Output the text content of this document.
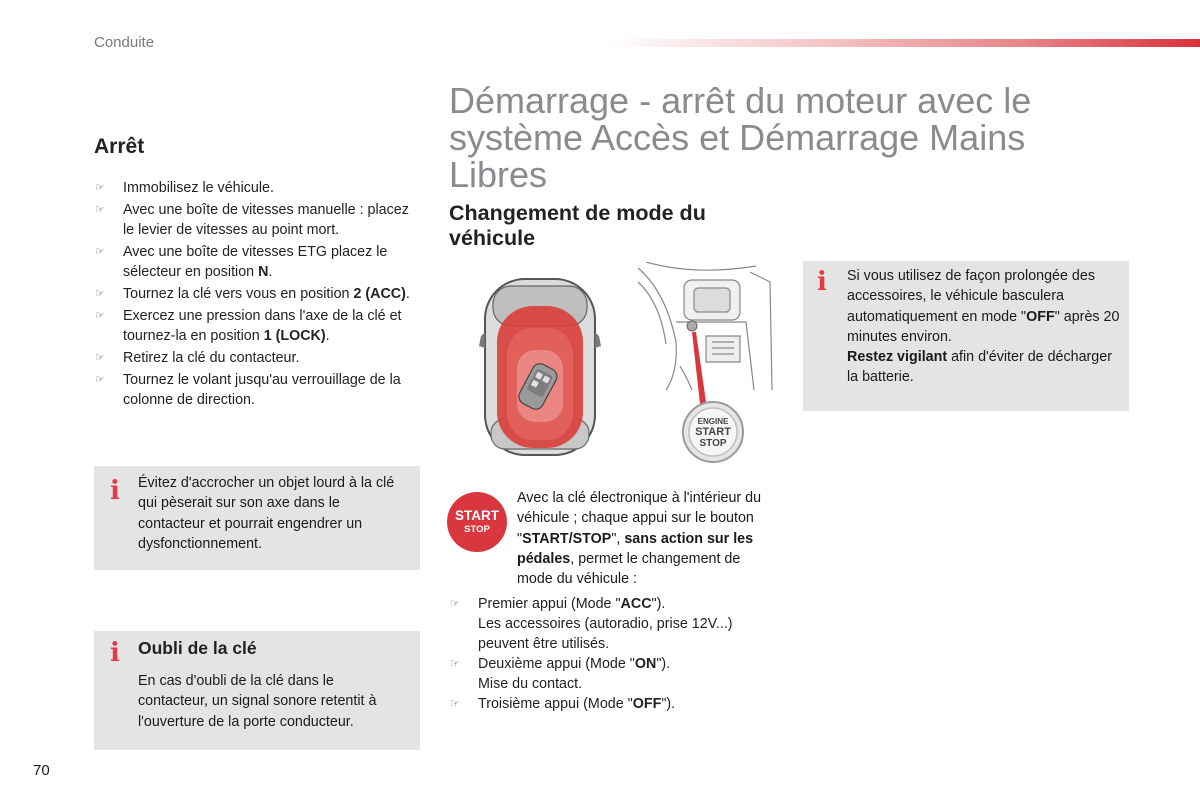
Conduite
Arrêt
☞ Immobilisez le véhicule.
☞ Avec une boîte de vitesses manuelle : placez le levier de vitesses au point mort.
☞ Avec une boîte de vitesses ETG placez le sélecteur en position N.
☞ Tournez la clé vers vous en position 2 (ACC).
☞ Exercez une pression dans l'axe de la clé et tournez-la en position 1 (LOCK).
☞ Retirez la clé du contacteur.
☞ Tournez le volant jusqu'au verrouillage de la colonne de direction.
i Évitez d'accrocher un objet lourd à la clé qui pèserait sur son axe dans le contacteur et pourrait engendrer un dysfonctionnement.
i Oubli de la clé
En cas d'oubli de la clé dans le contacteur, un signal sonore retentit à l'ouverture de la porte conducteur.
70
Démarrage - arrêt du moteur avec le système Accès et Démarrage Mains Libres
Changement de mode du véhicule
ENGINE
START
STOP
START
STOP
Avec la clé électronique à l'intérieur du véhicule ; chaque appui sur le bouton "START/STOP", sans action sur les pédales, permet le changement de mode du véhicule :
☞ Premier appui (Mode "ACC").
Les accessoires (autoradio, prise 12V...) peuvent être utilisés.
☞ Deuxième appui (Mode "ON").
Mise du contact.
☞ Troisième appui (Mode "OFF").
i Si vous utilisez de façon prolongée des accessoires, le véhicule basculera automatiquement en mode "OFF" après 20 minutes environ.
Restez vigilant afin d'éviter de décharger la batterie.
